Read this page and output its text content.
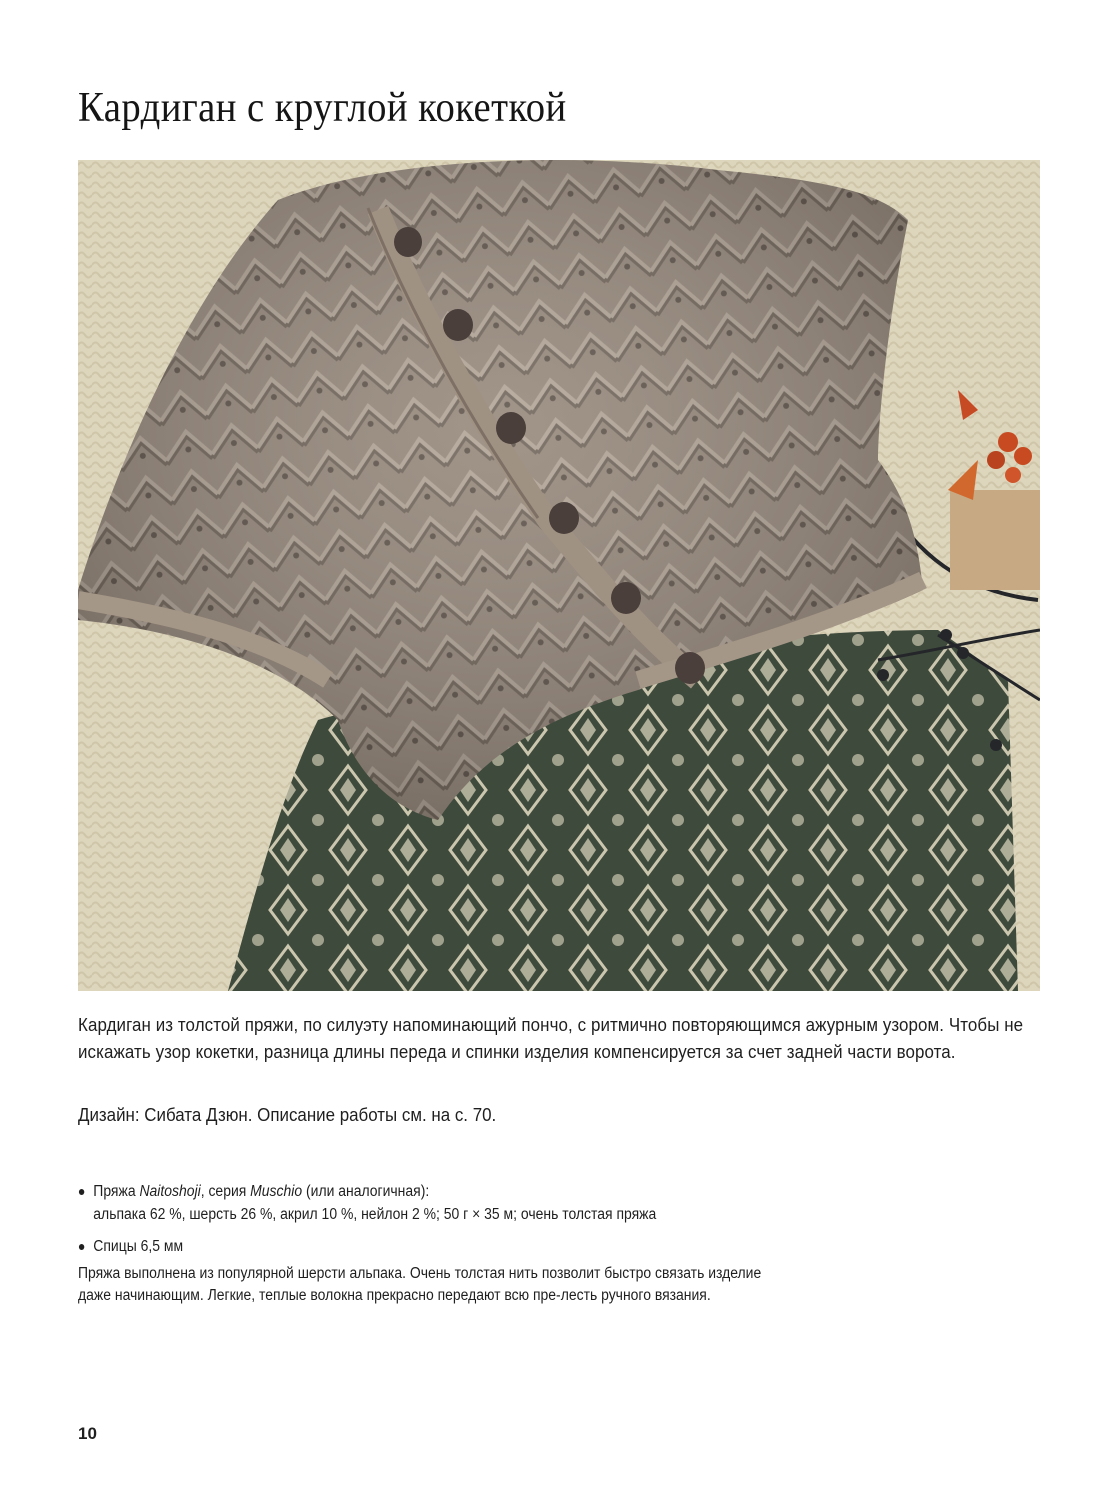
Кардиган с круглой кокеткой

Кардиган из толстой пряжи, по силуэту напоминающий пончо, с ритмично повторяющимся ажурным узором. Чтобы не искажать узор кокетки, разница длины переда и спинки изделия компенсируется за счет задней части ворота.

Дизайн: Сибата Дзюн. Описание работы см. на с. 70.

Пряжа Naitoshoji, серия Muschio (или аналогичная):
альпака 62 %, шерсть 26 %, акрил 10 %, нейлон 2 %; 50 г × 35 м; очень толстая пряжа
Спицы 6,5 мм

Пряжа выполнена из популярной шерсти альпака. Очень толстая нить позволит быстро связать изделие даже начинающим. Легкие, теплые волокна прекрасно передают всю пре-лесть ручного вязания.

10
